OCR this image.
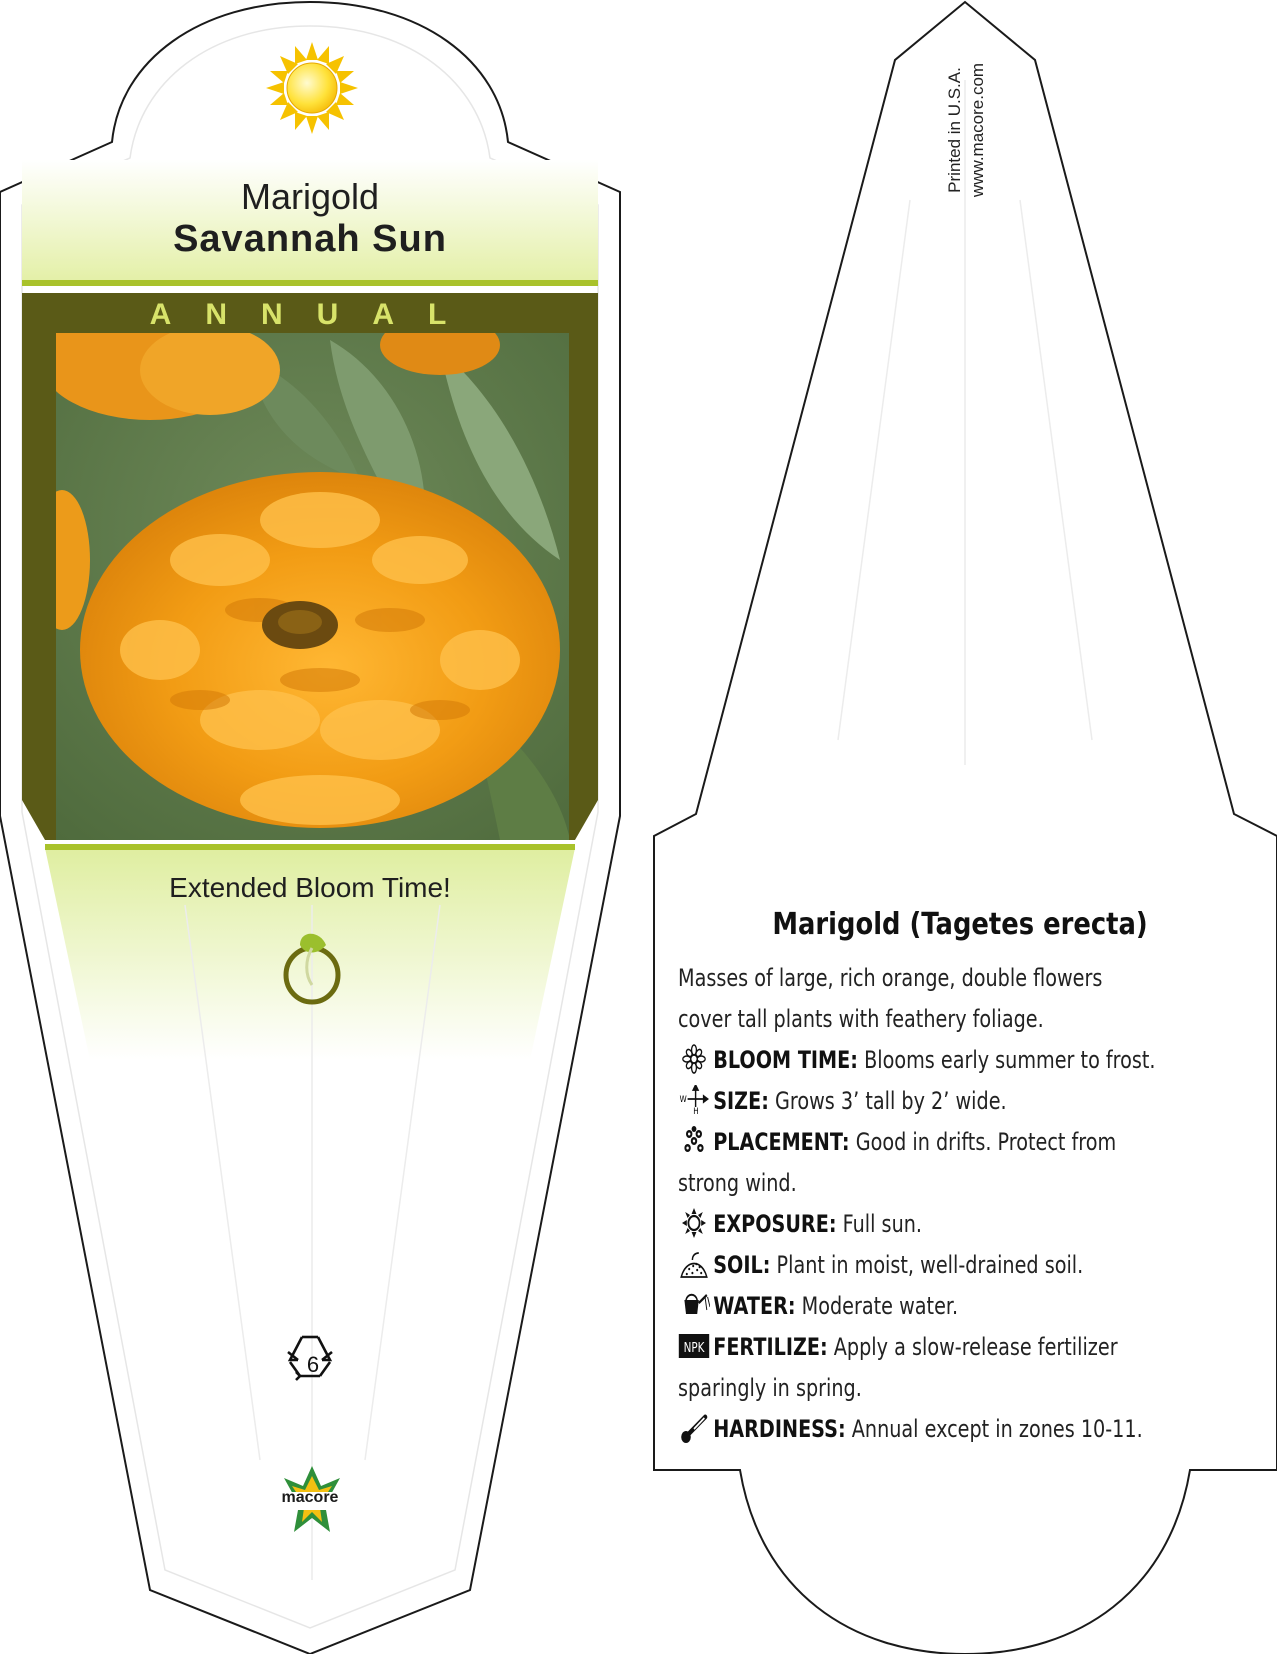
Marigold
Savannah Sun
ANNUAL
Extended Bloom Time!
6
macore
Printed in U.S.A. www.macore.com
Marigold (Tagetes erecta)

Masses of large, rich orange, double flowers cover tall plants with feathery foliage.

BLOOM TIME: Blooms early summer to frost.

W
H SIZE: Grows 3’ tall by 2’ wide.

PLACEMENT: Good in drifts. Protect from strong wind.

EXPOSURE: Full sun.

SOIL: Plant in moist, well-drained soil.

WATER: Moderate water.

NPK FERTILIZE: Apply a slow-release fertilizer sparingly in spring.

HARDINESS: Annual except in zones 10-11.
